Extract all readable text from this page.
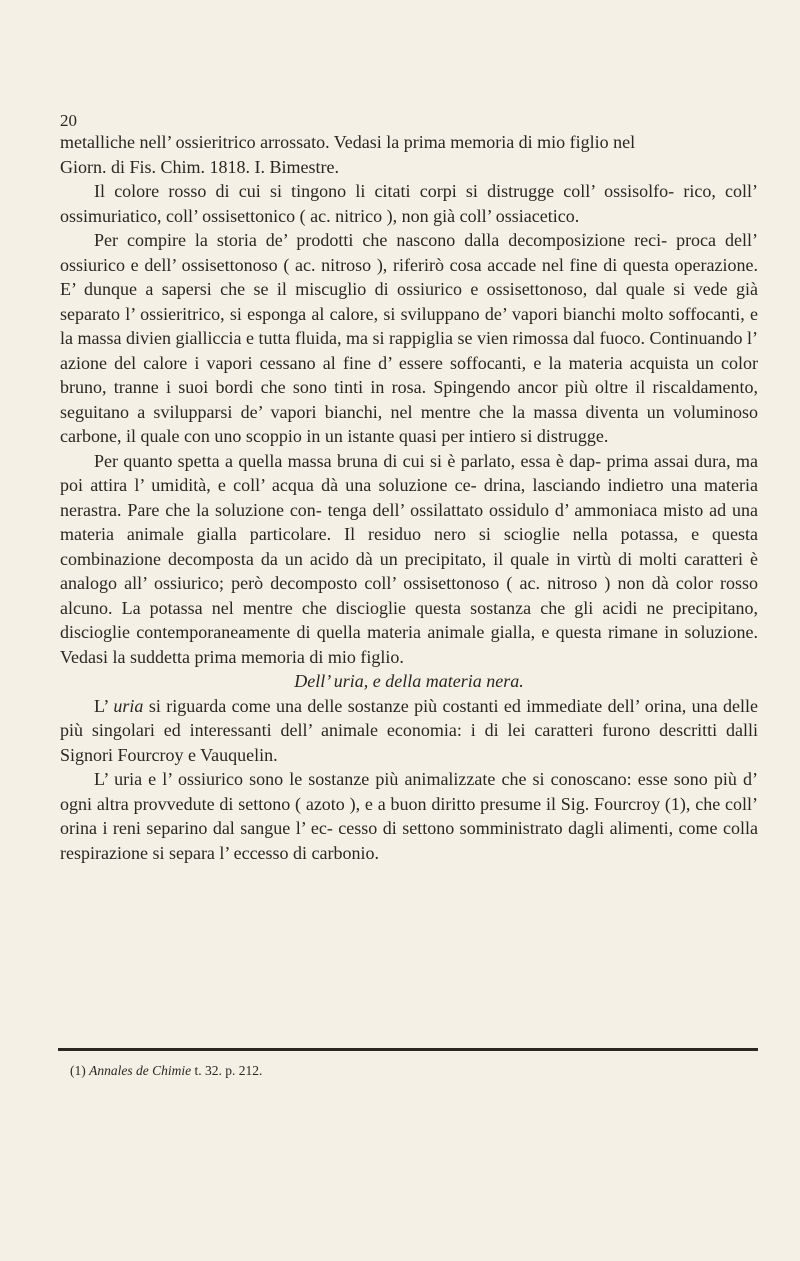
20

metalliche nell’ ossieritrico arrossato. Vedasi la prima memoria di mio figlio nel

Giorn. di Fis. Chim. 1818. I. Bimestre.

Il colore rosso di cui si tingono li citati corpi si distrugge coll’ ossisolfo- rico, coll’ ossimuriatico, coll’ ossisettonico ( ac. nitrico ), non già coll’ ossiacetico.

Per compire la storia de’ prodotti che nascono dalla decomposizione reci- proca dell’ ossiurico e dell’ ossisettonoso ( ac. nitroso ), riferirò cosa accade nel fine di questa operazione. E’ dunque a sapersi che se il miscuglio di ossiurico e ossisettonoso, dal quale si vede già separato l’ ossieritrico, si esponga al calore, si sviluppano de’ vapori bianchi molto soffocanti, e la massa divien gialliccia e tutta fluida, ma si rappiglia se vien rimossa dal fuoco. Continuando l’ azione del calore i vapori cessano al fine d’ essere soffocanti, e la materia acquista un color bruno, tranne i suoi bordi che sono tinti in rosa. Spingendo ancor più oltre il riscaldamento, seguitano a svilupparsi de’ vapori bianchi, nel mentre che la massa diventa un voluminoso carbone, il quale con uno scoppio in un istante quasi per intiero si distrugge.

Per quanto spetta a quella massa bruna di cui si è parlato, essa è dap- prima assai dura, ma poi attira l’ umidità, e coll’ acqua dà una soluzione ce- drina, lasciando indietro una materia nerastra. Pare che la soluzione con- tenga dell’ ossilattato ossidulo d’ ammoniaca misto ad una materia animale gialla particolare. Il residuo nero si scioglie nella potassa, e questa combinazione decomposta da un acido dà un precipitato, il quale in virtù di molti caratteri è analogo all’ ossiurico; però decomposto coll’ ossisettonoso ( ac. nitroso ) non dà color rosso alcuno. La potassa nel mentre che discioglie questa sostanza che gli acidi ne precipitano, discioglie contemporaneamente di quella materia animale gialla, e questa rimane in soluzione. Vedasi la suddetta prima memoria di mio figlio.

Dell’ uria, e della materia nera.

L’ uria si riguarda come una delle sostanze più costanti ed immediate dell’ orina, una delle più singolari ed interessanti dell’ animale economia: i di lei caratteri furono descritti dalli Signori Fourcroy e Vauquelin.

L’ uria e l’ ossiurico sono le sostanze più animalizzate che si conoscano: esse sono più d’ ogni altra provvedute di settono ( azoto ), e a buon diritto presume il Sig. Fourcroy (1), che coll’ orina i reni separino dal sangue l’ ec- cesso di settono somministrato dagli alimenti, come colla respirazione si separa l’ eccesso di carbonio.

(1) Annales de Chimie t. 32. p. 212.
